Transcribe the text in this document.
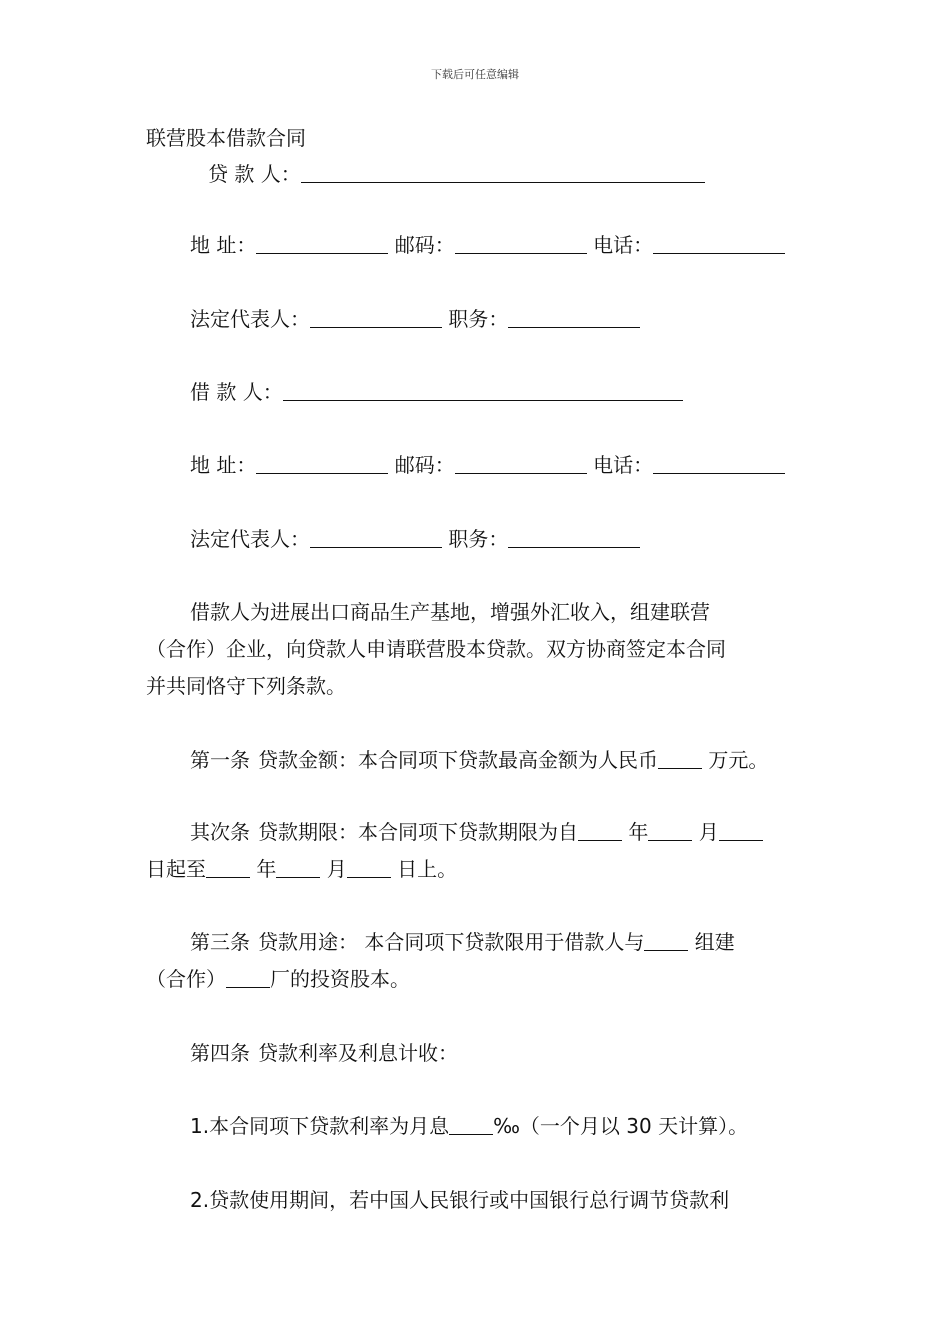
下载后可任意编辑
联营股本借款合同
贷 款 人：
地 址：	邮码：	电话：
法定代表人：	职务：
借 款 人：
地 址：	邮码：	电话：
法定代表人：	职务：
借款人为进展出口商品生产基地，增强外汇收入，组建联营
（合作）企业，向贷款人申请联营股本贷款。双方协商签定本合同
并共同恪守下列条款。
第一条 贷款金额：本合同项下贷款最高金额为人民币	万元。
其次条 贷款期限：本合同项下贷款期限为自	年	月
日起至	年	月	日上。
第三条 贷款用途： 本合同项下贷款限用于借款人与	组建
（合作） 厂的投资股本。
第四条 贷款利率及利息计收：
1.本合同项下贷款利率为月息 ‰（一个月以 30 天计算）。
2.贷款使用期间，若中国人民银行或中国银行总行调节贷款利
